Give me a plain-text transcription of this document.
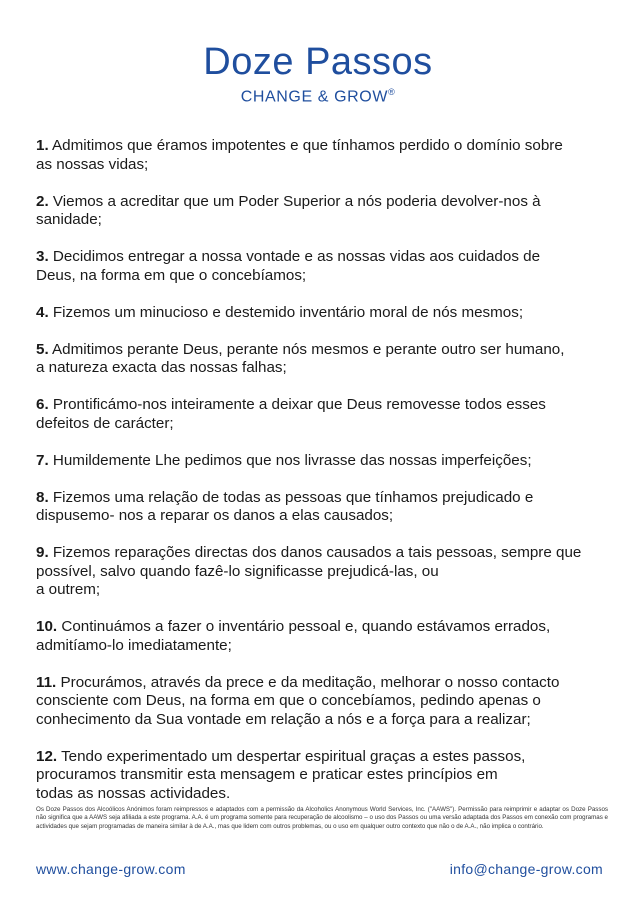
Doze Passos
CHANGE & GROW®

1. Admitimos que éramos impotentes e que tínhamos perdido o domínio sobre
as nossas vidas;

2. Viemos a acreditar que um Poder Superior a nós poderia devolver-nos à
sanidade;

3. Decidimos entregar a nossa vontade e as nossas vidas aos cuidados de
Deus, na forma em que o concebíamos;

4. Fizemos um minucioso e destemido inventário moral de nós mesmos;

5. Admitimos perante Deus, perante nós mesmos e perante outro ser humano,
a natureza exacta das nossas falhas;

6. Prontificámo-nos inteiramente a deixar que Deus removesse todos esses
defeitos de carácter;

7. Humildemente Lhe pedimos que nos livrasse das nossas imperfeições;

8. Fizemos uma relação de todas as pessoas que tínhamos prejudicado e
dispusemo- nos a reparar os danos a elas causados;

9. Fizemos reparações directas dos danos causados a tais pessoas, sempre que
possível, salvo quando fazê-lo significasse prejudicá-las, ou
a outrem;

10. Continuámos a fazer o inventário pessoal e, quando estávamos errados,
admitíamo-lo imediatamente;

11. Procurámos, através da prece e da meditação, melhorar o nosso contacto
consciente com Deus, na forma em que o concebíamos, pedindo apenas o
conhecimento da Sua vontade em relação a nós e a força para a realizar;

12. Tendo experimentado um despertar espiritual graças a estes passos,
procuramos transmitir esta mensagem e praticar estes princípios em
todas as nossas actividades.

Os Doze Passos dos Alcoólicos Anónimos foram reimpressos e adaptados com a permissão da Alcoholics Anonymous World Services, Inc. ("AAWS"). Permissão para reimprimir e adaptar os Doze Passos não significa que a AAWS seja afiliada a este programa. A.A. é um programa somente para recuperação de alcoolismo – o uso dos Passos ou uma versão adaptada dos Passos em conexão com programas e actividades que sejam programadas de maneira similar à de A.A., mas que lidem com outros problemas, ou o uso em qualquer outro contexto que não o de A.A., não implica o contrário.
www.change-grow.com	info@change-grow.com
